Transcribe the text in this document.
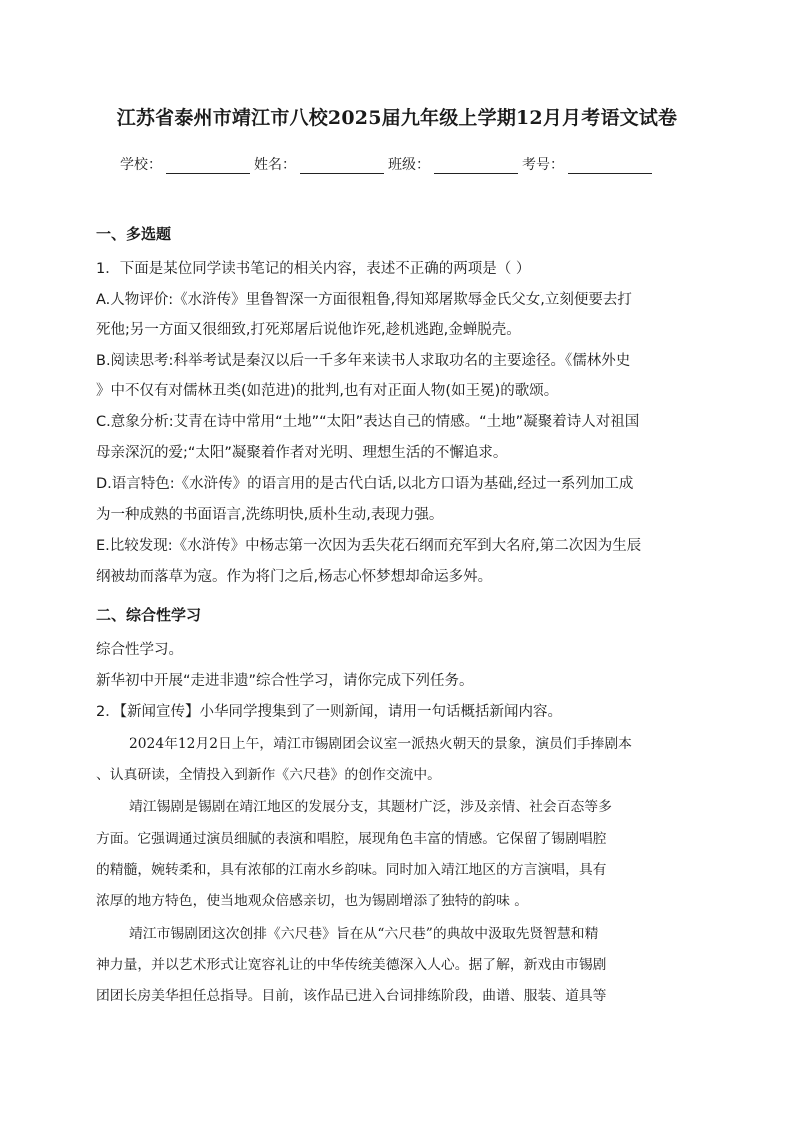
江苏省泰州市靖江市八校2025届九年级上学期12月月考语文试卷
学校：	姓名：	班级：	考号：
一、多选题
1．下面是某位同学读书笔记的相关内容，表述不正确的两项是（ ）
A.人物评价:《水浒传》里鲁智深一方面很粗鲁,得知郑屠欺辱金氏父女,立刻便要去打
死他;另一方面又很细致,打死郑屠后说他诈死,趁机逃跑,金蝉脱壳。
B.阅读思考:科举考试是秦汉以后一千多年来读书人求取功名的主要途径。《儒林外史
》中不仅有对儒林丑类(如范进)的批判,也有对正面人物(如王冕)的歌颂。
C.意象分析:艾青在诗中常用“土地”“太阳”表达自己的情感。“土地”凝聚着诗人对祖国
母亲深沉的爱;“太阳”凝聚着作者对光明、理想生活的不懈追求。
D.语言特色:《水浒传》的语言用的是古代白话,以北方口语为基础,经过一系列加工成
为一种成熟的书面语言,洗练明快,质朴生动,表现力强。
E.比较发现:《水浒传》中杨志第一次因为丢失花石纲而充军到大名府,第二次因为生辰
纲被劫而落草为寇。作为将门之后,杨志心怀梦想却命运多舛。
二、综合性学习
综合性学习。
新华初中开展“走进非遗”综合性学习，请你完成下列任务。
2．【新闻宣传】小华同学搜集到了一则新闻，请用一句话概括新闻内容。
2024年12月2日上午，靖江市锡剧团会议室一派热火朝天的景象，演员们手捧剧本
、认真研读，全情投入到新作《六尺巷》的创作交流中。
靖江锡剧是锡剧在靖江地区的发展分支，其题材广泛，涉及亲情、社会百态等多
方面。它强调通过演员细腻的表演和唱腔，展现角色丰富的情感。它保留了锡剧唱腔
的精髓，婉转柔和，具有浓郁的江南水乡韵味。同时加入靖江地区的方言演唱，具有
浓厚的地方特色，使当地观众倍感亲切，也为锡剧增添了独特的韵味 。
靖江市锡剧团这次创排《六尺巷》旨在从“六尺巷”的典故中汲取先贤智慧和精
神力量，并以艺术形式让宽容礼让的中华传统美德深入人心。据了解，新戏由市锡剧
团团长房美华担任总指导。目前，该作品已进入台词排练阶段，曲谱、服装、道具等
